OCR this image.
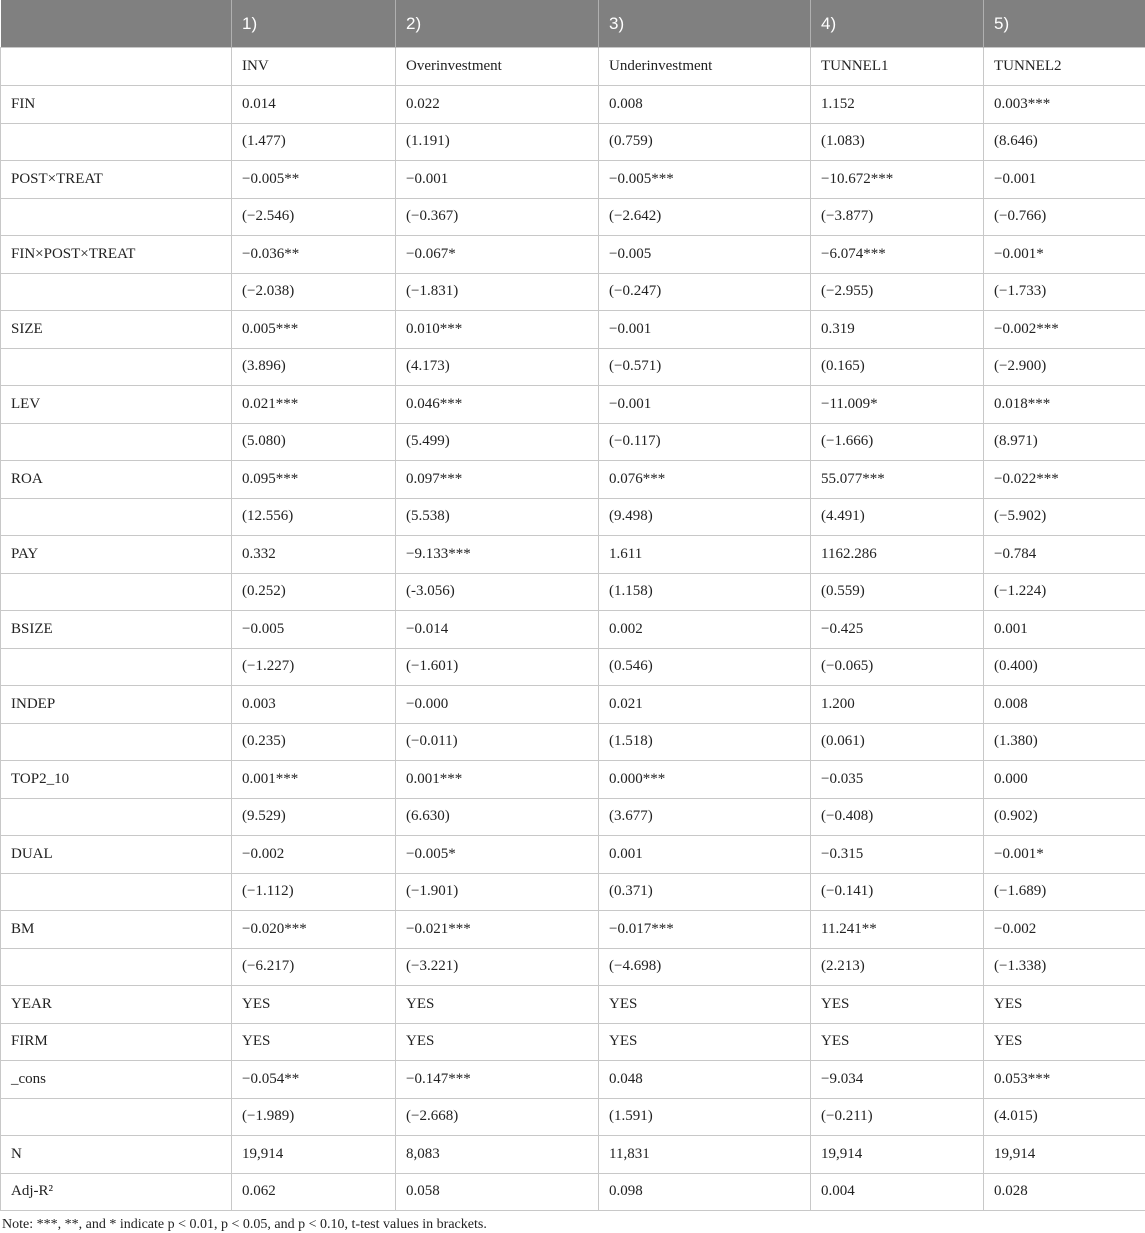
	1)	2)	3)	4)	5)
	INV	Overinvestment	Underinvestment	TUNNEL1	TUNNEL2
FIN	0.014	0.022	0.008	1.152	0.003***
	(1.477)	(1.191)	(0.759)	(1.083)	(8.646)
POST×TREAT	−0.005**	−0.001	−0.005***	−10.672***	−0.001
	(−2.546)	(−0.367)	(−2.642)	(−3.877)	(−0.766)
FIN×POST×TREAT	−0.036**	−0.067*	−0.005	−6.074***	−0.001*
	(−2.038)	(−1.831)	(−0.247)	(−2.955)	(−1.733)
SIZE	0.005***	0.010***	−0.001	0.319	−0.002***
	(3.896)	(4.173)	(−0.571)	(0.165)	(−2.900)
LEV	0.021***	0.046***	−0.001	−11.009*	0.018***
	(5.080)	(5.499)	(−0.117)	(−1.666)	(8.971)
ROA	0.095***	0.097***	0.076***	55.077***	−0.022***
	(12.556)	(5.538)	(9.498)	(4.491)	(−5.902)
PAY	0.332	−9.133***	1.611	1162.286	−0.784
	(0.252)	(-3.056)	(1.158)	(0.559)	(−1.224)
BSIZE	−0.005	−0.014	0.002	−0.425	0.001
	(−1.227)	(−1.601)	(0.546)	(−0.065)	(0.400)
INDEP	0.003	−0.000	0.021	1.200	0.008
	(0.235)	(−0.011)	(1.518)	(0.061)	(1.380)
TOP2_10	0.001***	0.001***	0.000***	−0.035	0.000
	(9.529)	(6.630)	(3.677)	(−0.408)	(0.902)
DUAL	−0.002	−0.005*	0.001	−0.315	−0.001*
	(−1.112)	(−1.901)	(0.371)	(−0.141)	(−1.689)
BM	−0.020***	−0.021***	−0.017***	11.241**	−0.002
	(−6.217)	(−3.221)	(−4.698)	(2.213)	(−1.338)
YEAR	YES	YES	YES	YES	YES
FIRM	YES	YES	YES	YES	YES
_cons	−0.054**	−0.147***	0.048	−9.034	0.053***
	(−1.989)	(−2.668)	(1.591)	(−0.211)	(4.015)
N	19,914	8,083	11,831	19,914	19,914
Adj-R²	0.062	0.058	0.098	0.004	0.028
Note: ***, **, and * indicate p < 0.01, p < 0.05, and p < 0.10, t-test values in brackets.
